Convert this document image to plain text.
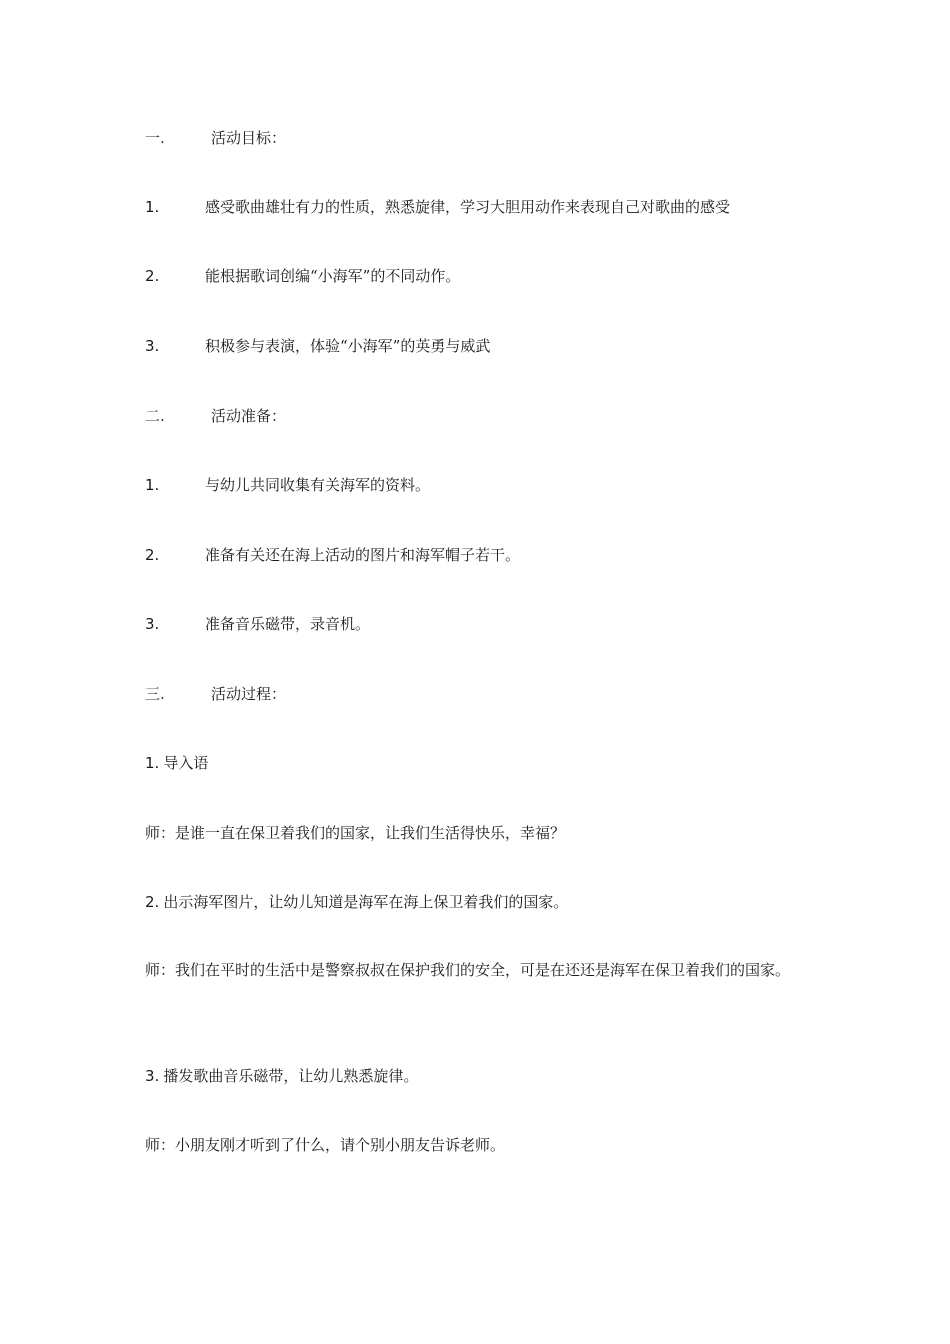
一.	活动目标：
1.	感受歌曲雄壮有力的性质，熟悉旋律，学习大胆用动作来表现自己对歌曲的感受
2.	能根据歌词创编“小海军”的不同动作。
3.	积极参与表演，体验“小海军”的英勇与威武
二.	活动准备：
1.	与幼儿共同收集有关海军的资料。
2.	准备有关还在海上活动的图片和海军帽子若干。
3.	准备音乐磁带，录音机。
三.	活动过程：
1. 导入语
师：是谁一直在保卫着我们的国家，让我们生活得快乐，幸福？
2. 出示海军图片，让幼儿知道是海军在海上保卫着我们的国家。
师：我们在平时的生活中是警察叔叔在保护我们的安全，可是在还还是海军在保卫着我们的国家。
3. 播发歌曲音乐磁带，让幼儿熟悉旋律。
师：小朋友刚才听到了什么，请个别小朋友告诉老师。
